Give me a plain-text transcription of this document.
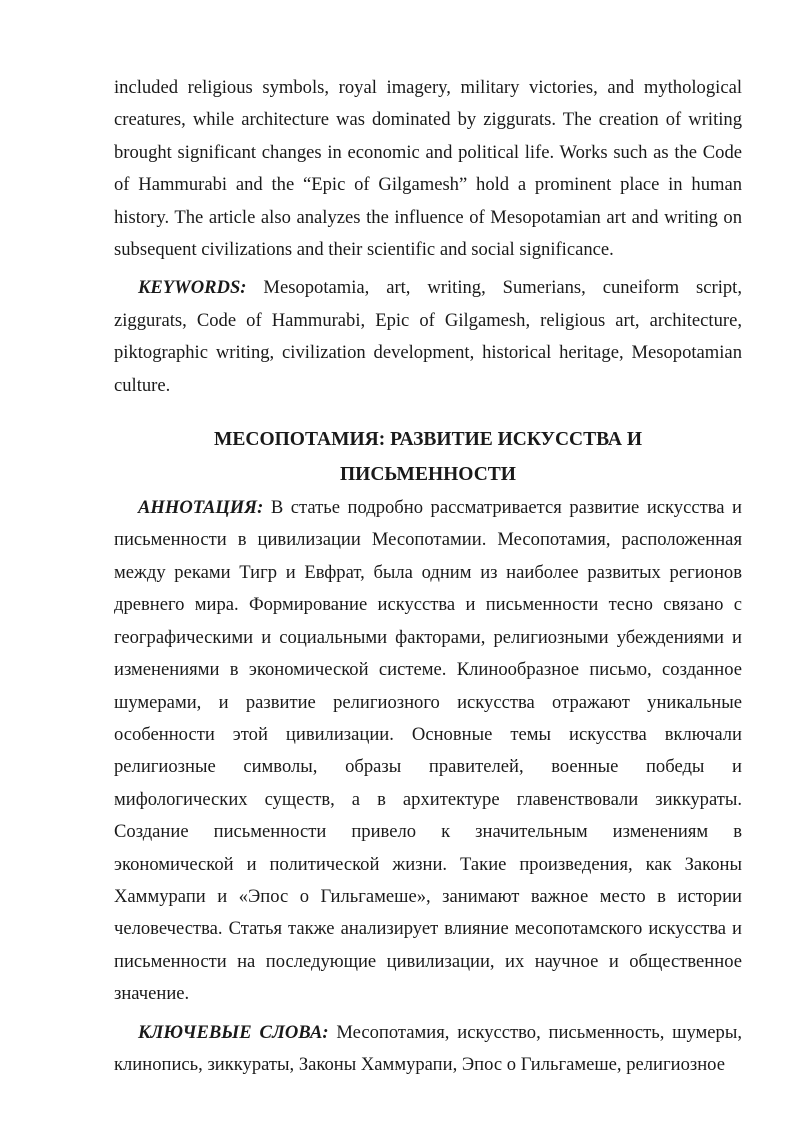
included religious symbols, royal imagery, military victories, and mythological creatures, while architecture was dominated by ziggurats. The creation of writing brought significant changes in economic and political life. Works such as the Code of Hammurabi and the “Epic of Gilgamesh” hold a prominent place in human history. The article also analyzes the influence of Mesopotamian art and writing on subsequent civilizations and their scientific and social significance.

KEYWORDS: Mesopotamia, art, writing, Sumerians, cuneiform script, ziggurats, Code of Hammurabi, Epic of Gilgamesh, religious art, architecture, piktographic writing, civilization development, historical heritage, Mesopotamian culture.

МЕСОПОТАМИЯ: РАЗВИТИЕ ИСКУССТВА И
ПИСЬМЕННОСТИ

АННОТАЦИЯ: В статье подробно рассматривается развитие искусства и письменности в цивилизации Месопотамии. Месопотамия, расположенная между реками Тигр и Евфрат, была одним из наиболее развитых регионов древнего мира. Формирование искусства и письменности тесно связано с географическими и социальными факторами, религиозными убеждениями и изменениями в экономической системе. Клинообразное письмо, созданное шумерами, и развитие религиозного искусства отражают уникальные особенности этой цивилизации. Основные темы искусства включали религиозные символы, образы правителей, военные победы и мифологических существ, а в архитектуре главенствовали зиккураты. Создание письменности привело к значительным изменениям в экономической и политической жизни. Такие произведения, как Законы Хаммурапи и «Эпос о Гильгамеше», занимают важное место в истории человечества. Статья также анализирует влияние месопотамского искусства и письменности на последующие цивилизации, их научное и общественное значение.

КЛЮЧЕВЫЕ СЛОВА: Месопотамия, искусство, письменность, шумеры, клинопись, зиккураты, Законы Хаммурапи, Эпос о Гильгамеше, религиозное
